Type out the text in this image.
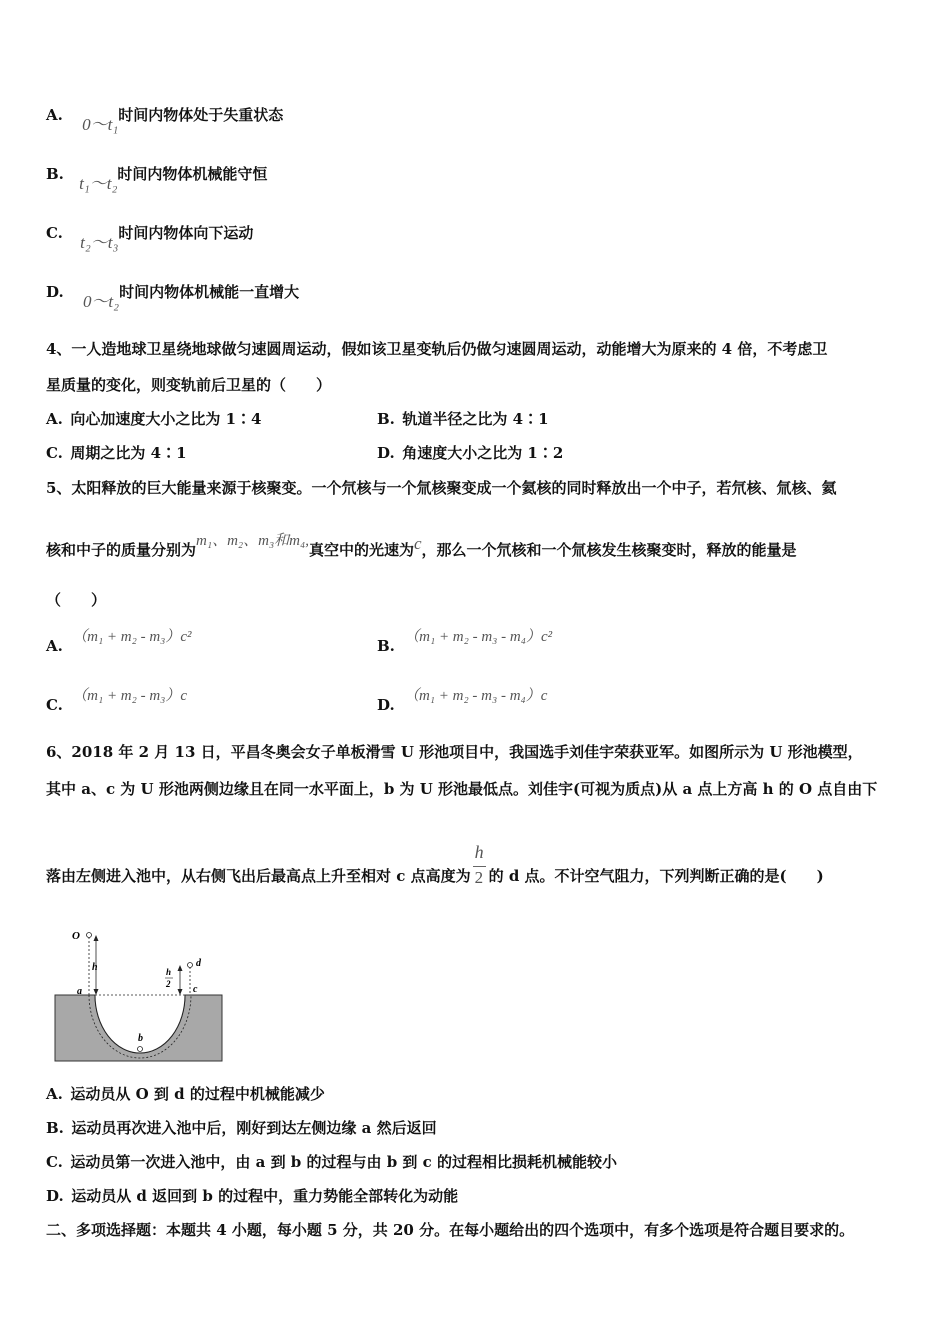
A. 0～t₁时间内物体处于失重状态
B. t₁～t₂时间内物体机械能守恒
C. t₂～t₃时间内物体向下运动
D. 0～t₂时间内物体机械能一直增大
4、一人造地球卫星绕地球做匀速圆周运动，假如该卫星变轨后仍做匀速圆周运动，动能增大为原来的 4 倍，不考虑卫
星质量的变化，则变轨前后卫星的（　　）
A.  向心加速度大小之比为 1∶4	B.  轨道半径之比为 4∶1
C.  周期之比为 4∶1	D.  角速度大小之比为 1∶2
5、太阳释放的巨大能量来源于核聚变。一个氘核与一个氚核聚变成一个氦核的同时释放出一个中子，若氘核、氚核、氦
核和中子的质量分别为m₁、m₂、m₃和m₄,真空中的光速为c，那么一个氘核和一个氚核发生核聚变时，释放的能量是
（　　）
A. （m₁ + m₂ - m₃）c²	B. （m₁ + m₂ - m₃ - m₄）c²
C. （m₁ + m₂ - m₃）c	D. （m₁ + m₂ - m₃ - m₄）c
6、2018 年 2 月 13 日，平昌冬奥会女子单板滑雪 U 形池项目中，我国选手刘佳宇荣获亚军。如图所示为 U 形池模型，
其中 a、c 为 U 形池两侧边缘且在同一水平面上，b 为 U 形池最低点。刘佳宇(可视为质点)从 a 点上方高 h 的 O 点自由下
落由左侧进入池中，从右侧飞出后最高点上升至相对 c 点高度为 $\frac{h}{2}$ 的 d 点。不计空气阻力，下列判断正确的是(　　)
O
h	h
2
d
c
a
b
A.  运动员从 O 到 d 的过程中机械能减少
B.  运动员再次进入池中后，刚好到达左侧边缘 a 然后返回
C.  运动员第一次进入池中，由 a 到 b 的过程与由 b 到 c 的过程相比损耗机械能较小
D.  运动员从 d 返回到 b 的过程中，重力势能全部转化为动能
二、多项选择题：本题共 4 小题，每小题 5 分，共 20 分。在每小题给出的四个选项中，有多个选项是符合题目要求的。
